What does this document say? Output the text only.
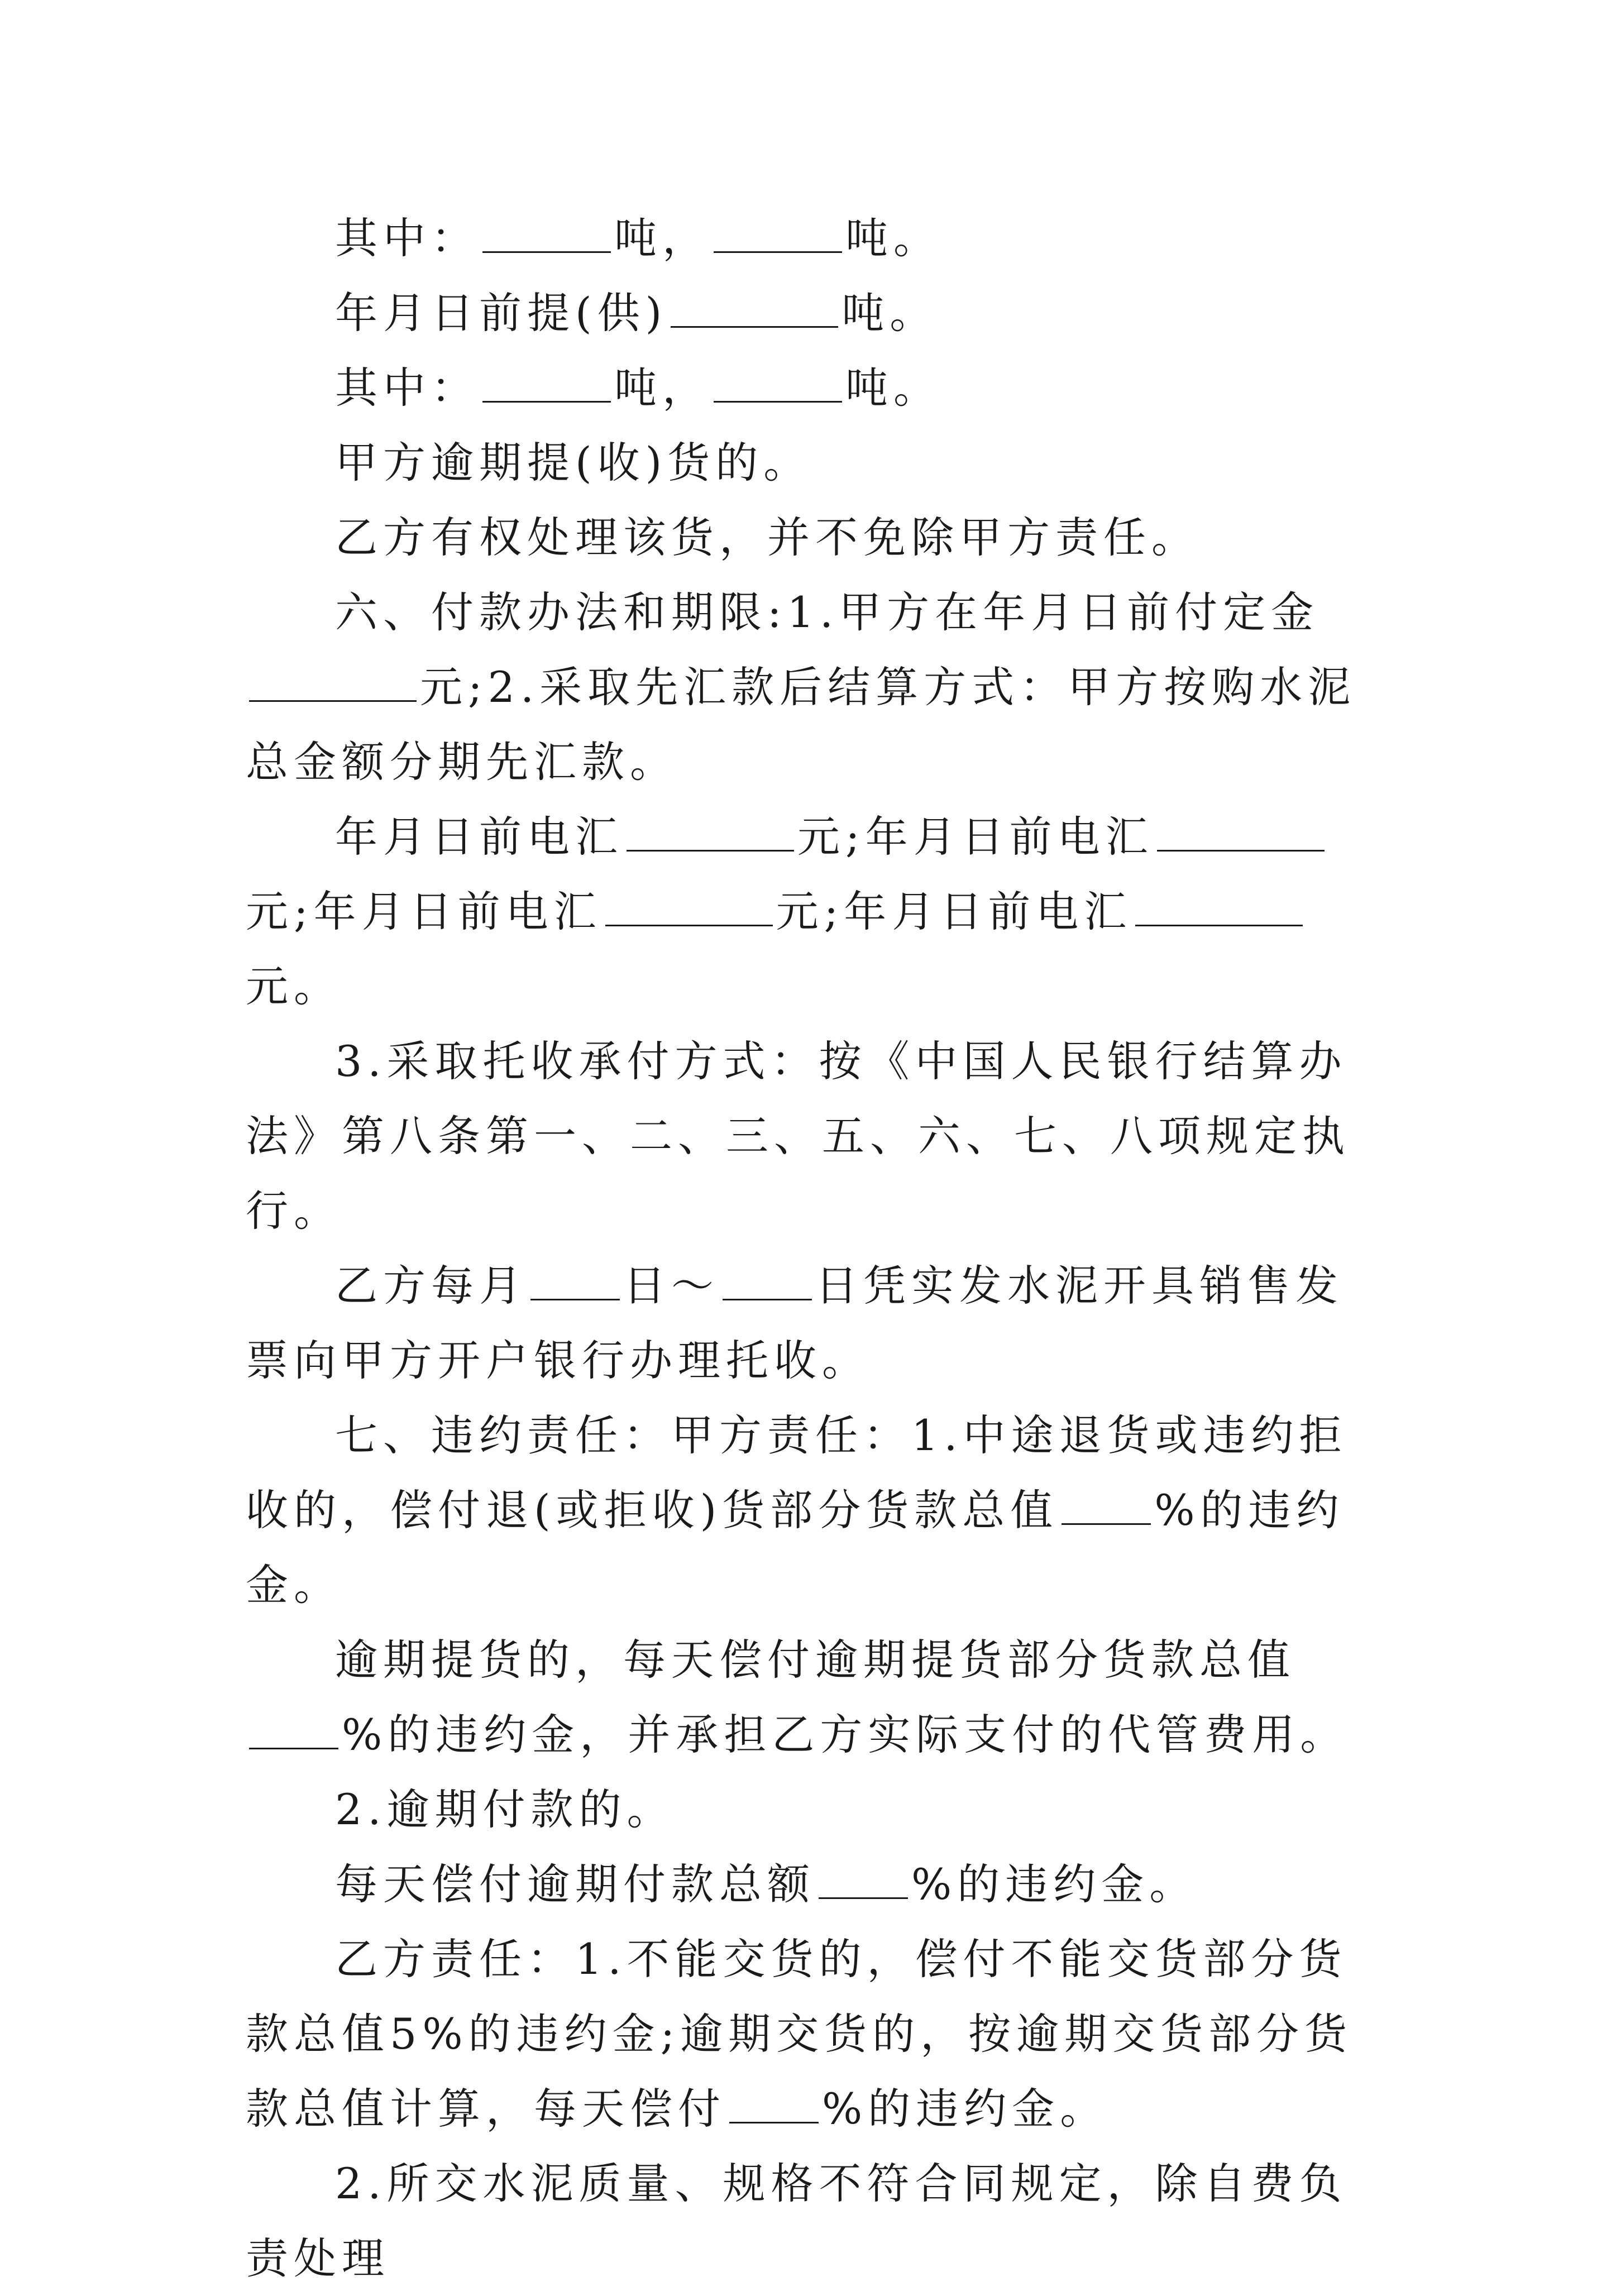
其中：	吨，	吨。

年月日前提(供)	吨。

其中：	吨，	吨。

甲方逾期提(收)货的。

乙方有权处理该货，并不免除甲方责任。

六、付款办法和期限:1.甲方在年月日前付定金元;2.采取先汇款后结算方式：甲方按购水泥总金额分期先汇款。

年月日前电汇	元;年月日前电汇元;年月日前电汇	元;年月日前电汇元。

3.采取托收承付方式：按《中国人民银行结算办法》第八条第一、二、三、五、六、七、八项规定执行。

乙方每月 日～ 日凭实发水泥开具销售发票向甲方开户银行办理托收。

七、违约责任：甲方责任：1.中途退货或违约拒收的，偿付退(或拒收)货部分货款总值 %的违约金。

逾期提货的，每天偿付逾期提货部分货款总值%的违约金，并承担乙方实际支付的代管费用。

2.逾期付款的。

每天偿付逾期付款总额 %的违约金。

乙方责任：1.不能交货的，偿付不能交货部分货款总值5%的违约金;逾期交货的，按逾期交货部分货款总值计算，每天偿付 %的违约金。

2.所交水泥质量、规格不符合同规定，除自费负责处理
